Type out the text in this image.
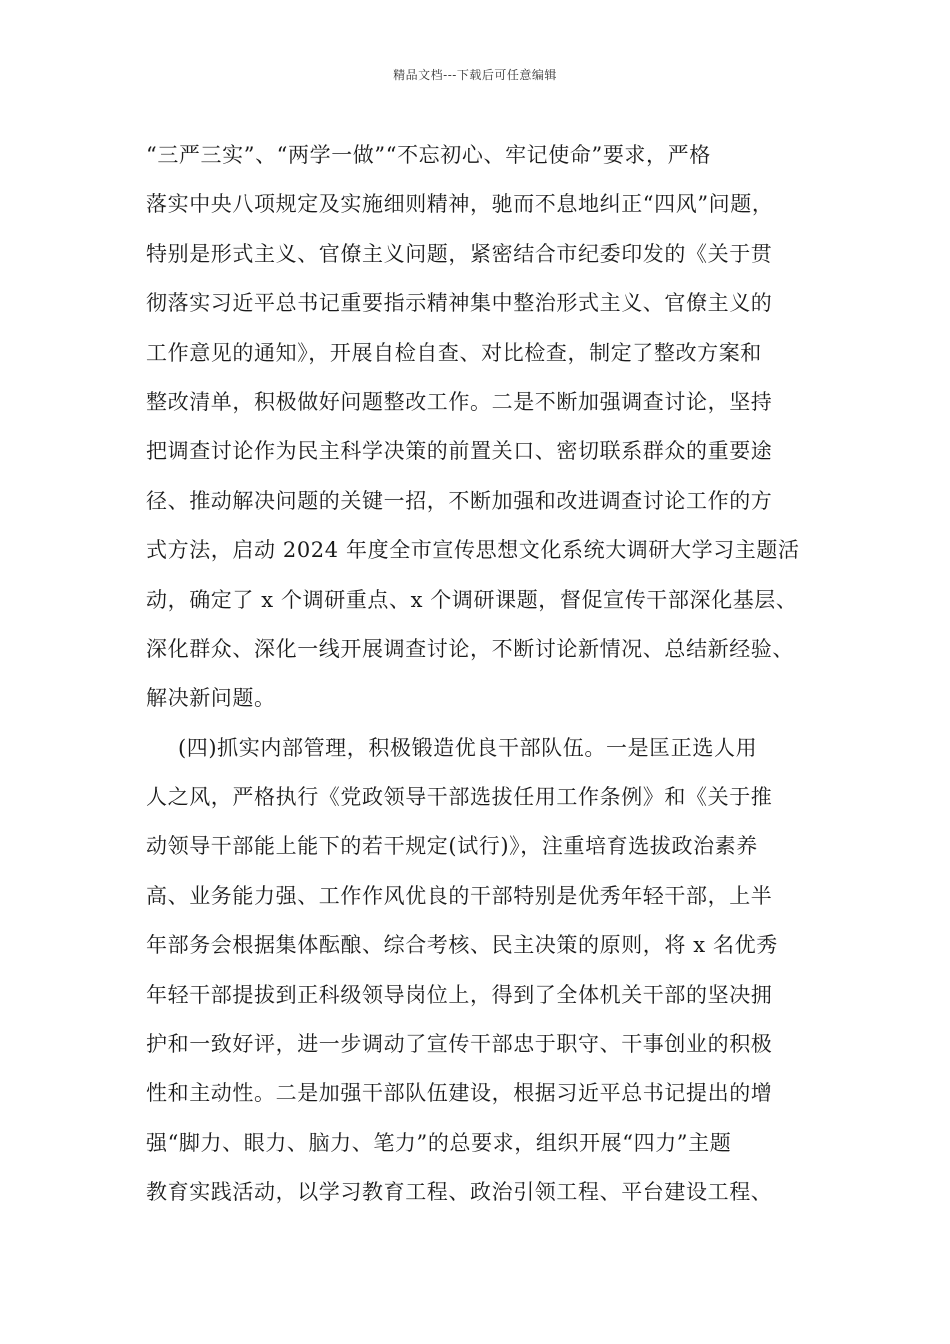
精品文档---下载后可任意编辑
“三严三实”、“两学一做”“不忘初心、牢记使命”要求，严格
落实中央八项规定及实施细则精神，驰而不息地纠正“四风”问题，
特别是形式主义、官僚主义问题，紧密结合市纪委印发的《关于贯
彻落实习近平总书记重要指示精神集中整治形式主义、官僚主义的
工作意见的通知》，开展自检自查、对比检查，制定了整改方案和
整改清单，积极做好问题整改工作。二是不断加强调查讨论，坚持
把调查讨论作为民主科学决策的前置关口、密切联系群众的重要途
径、推动解决问题的关键一招，不断加强和改进调查讨论工作的方
式方法，启动 2024 年度全市宣传思想文化系统大调研大学习主题活
动，确定了 x 个调研重点、x 个调研课题，督促宣传干部深化基层、
深化群众、深化一线开展调查讨论，不断讨论新情况、总结新经验、
解决新问题。
(四)抓实内部管理，积极锻造优良干部队伍。一是匡正选人用
人之风，严格执行《党政领导干部选拔任用工作条例》和《关于推
动领导干部能上能下的若干规定(试行)》，注重培育选拔政治素养
高、业务能力强、工作作风优良的干部特别是优秀年轻干部，上半
年部务会根据集体酝酿、综合考核、民主决策的原则，将 x 名优秀
年轻干部提拔到正科级领导岗位上，得到了全体机关干部的坚决拥
护和一致好评，进一步调动了宣传干部忠于职守、干事创业的积极
性和主动性。二是加强干部队伍建设，根据习近平总书记提出的增
强“脚力、眼力、脑力、笔力”的总要求，组织开展“四力”主题
教育实践活动，以学习教育工程、政治引领工程、平台建设工程、
